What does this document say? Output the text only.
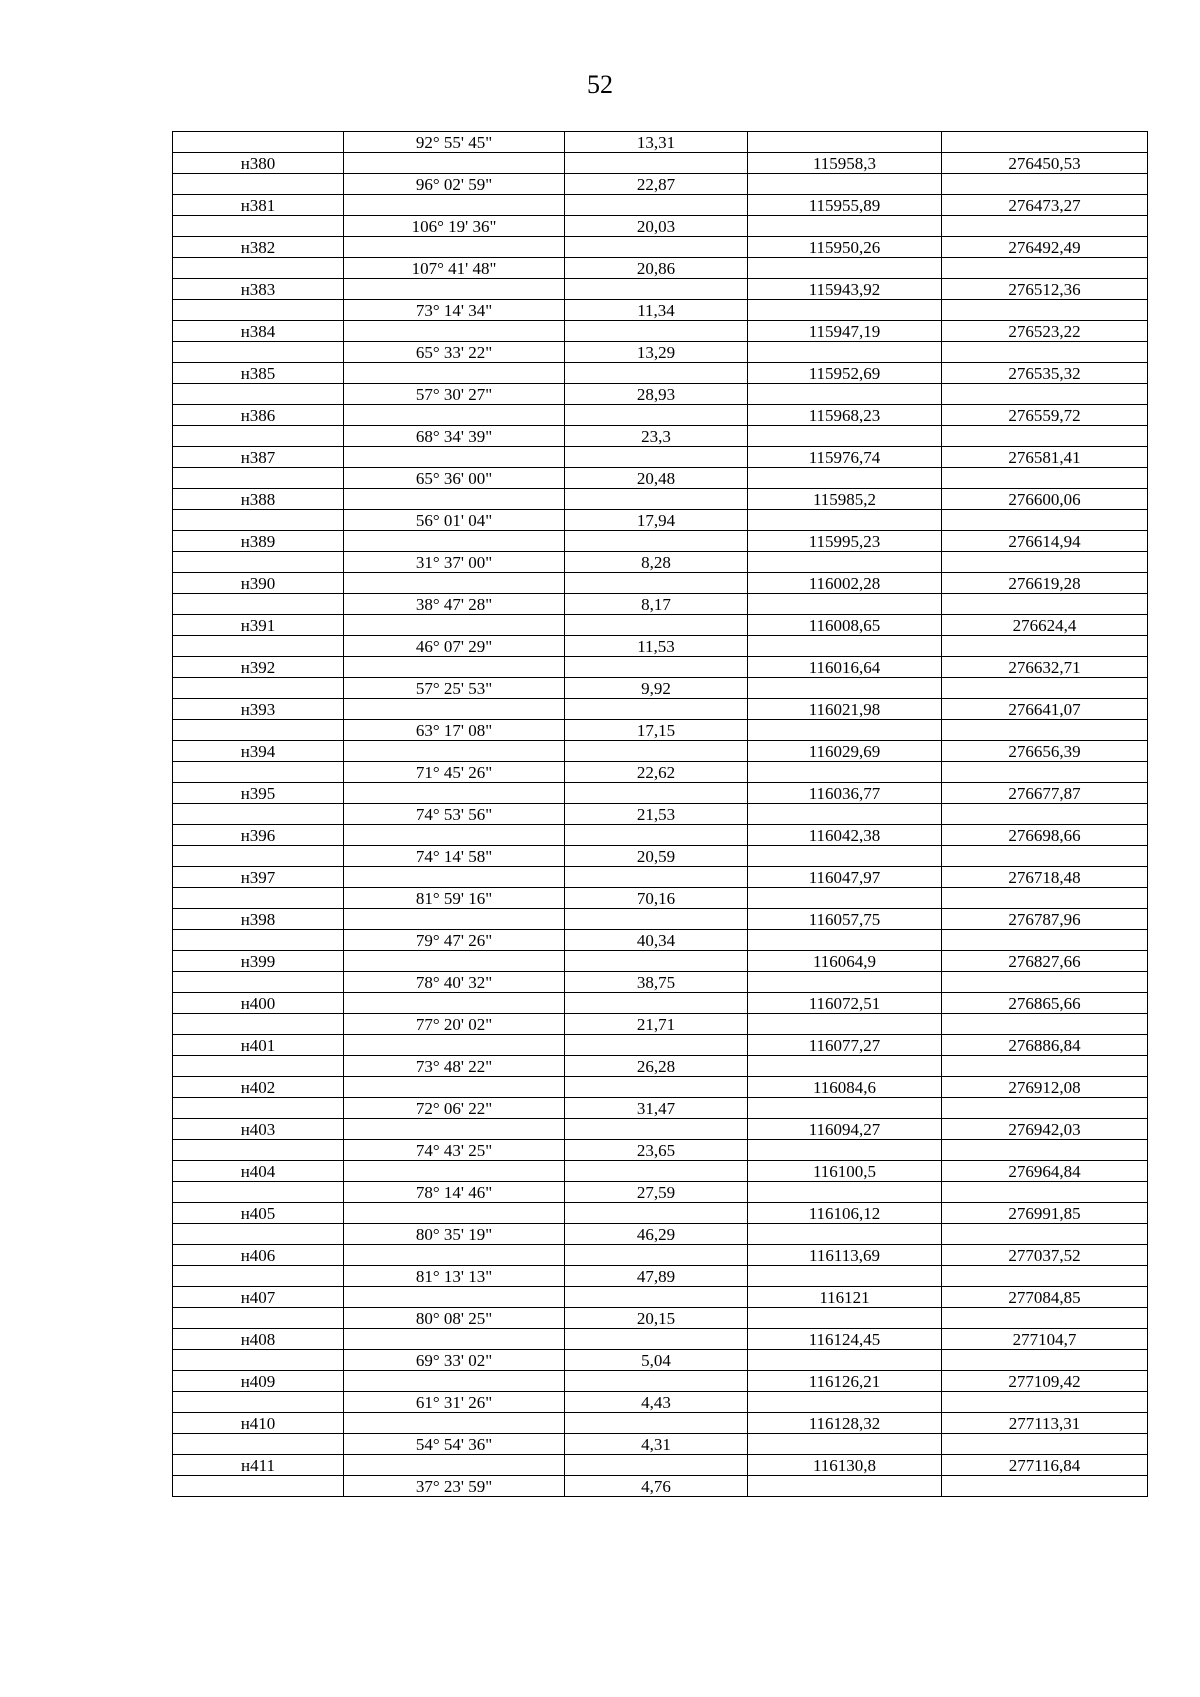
52
	92° 55' 45"	13,31		
н380			115958,3	276450,53
	96° 02' 59"	22,87		
н381			115955,89	276473,27
	106° 19' 36"	20,03		
н382			115950,26	276492,49
	107° 41' 48"	20,86		
н383			115943,92	276512,36
	73° 14' 34"	11,34		
н384			115947,19	276523,22
	65° 33' 22"	13,29		
н385			115952,69	276535,32
	57° 30' 27"	28,93		
н386			115968,23	276559,72
	68° 34' 39"	23,3		
н387			115976,74	276581,41
	65° 36' 00"	20,48		
н388			115985,2	276600,06
	56° 01' 04"	17,94		
н389			115995,23	276614,94
	31° 37' 00"	8,28		
н390			116002,28	276619,28
	38° 47' 28"	8,17		
н391			116008,65	276624,4
	46° 07' 29"	11,53		
н392			116016,64	276632,71
	57° 25' 53"	9,92		
н393			116021,98	276641,07
	63° 17' 08"	17,15		
н394			116029,69	276656,39
	71° 45' 26"	22,62		
н395			116036,77	276677,87
	74° 53' 56"	21,53		
н396			116042,38	276698,66
	74° 14' 58"	20,59		
н397			116047,97	276718,48
	81° 59' 16"	70,16		
н398			116057,75	276787,96
	79° 47' 26"	40,34		
н399			116064,9	276827,66
	78° 40' 32"	38,75		
н400			116072,51	276865,66
	77° 20' 02"	21,71		
н401			116077,27	276886,84
	73° 48' 22"	26,28		
н402			116084,6	276912,08
	72° 06' 22"	31,47		
н403			116094,27	276942,03
	74° 43' 25"	23,65		
н404			116100,5	276964,84
	78° 14' 46"	27,59		
н405			116106,12	276991,85
	80° 35' 19"	46,29		
н406			116113,69	277037,52
	81° 13' 13"	47,89		
н407			116121	277084,85
	80° 08' 25"	20,15		
н408			116124,45	277104,7
	69° 33' 02"	5,04		
н409			116126,21	277109,42
	61° 31' 26"	4,43		
н410			116128,32	277113,31
	54° 54' 36"	4,31		
н411			116130,8	277116,84
	37° 23' 59"	4,76		
